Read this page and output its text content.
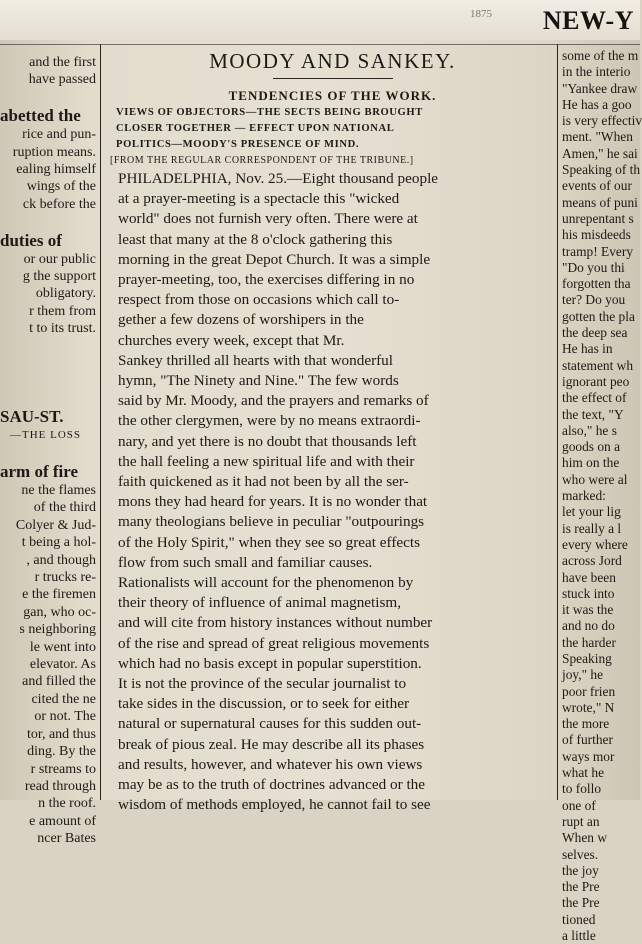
1875 NEW-Y

and the first

have passed

abetted the

rice and pun-

ruption means.

ealing himself

wings of the

ck before the

duties of

or our public

g the support

obligatory.

r them from

t to its trust.

SAU-ST.

—THE LOSS

arm of fire

ne the flames

of the third

Colyer & Jud-

t being a hol-

, and though

r trucks re-

e the firemen

gan, who oc-

s neighboring

le went into

elevator. As

and filled the

cited the ne

or not. The

tor, and thus

ding. By the

r streams to

read through

n the roof.

e amount of

ncer Bates

MOODY AND SANKEY.

TENDENCIES OF THE WORK.

VIEWS OF OBJECTORS—THE SECTS BEING BROUGHT

CLOSER TOGETHER — EFFECT UPON NATIONAL

POLITICS—MOODY'S PRESENCE OF MIND.

[FROM THE REGULAR CORRESPONDENT OF THE TRIBUNE.]

PHILADELPHIA, Nov. 25.—Eight thousand people

at a prayer-meeting is a spectacle this "wicked

world" does not furnish very often. There were at

least that many at the 8 o'clock gathering this

morning in the great Depot Church. It was a simple

prayer-meeting, too, the exercises differing in no

respect from those on occasions which call to-

gether a few dozens of worshipers in the

churches every week, except that Mr.

Sankey thrilled all hearts with that wonderful

hymn, "The Ninety and Nine." The few words

said by Mr. Moody, and the prayers and remarks of

the other clergymen, were by no means extraordi-

nary, and yet there is no doubt that thousands left

the hall feeling a new spiritual life and with their

faith quickened as it had not been by all the ser-

mons they had heard for years. It is no wonder that

many theologians believe in peculiar "outpourings

of the Holy Spirit," when they see so great effects

flow from such small and familiar causes.

Rationalists will account for the phenomenon by

their theory of influence of animal magnetism,

and will cite from history instances without number

of the rise and spread of great religious movements

which had no basis except in popular superstition.

It is not the province of the secular journalist to

take sides in the discussion, or to seek for either

natural or supernatural causes for this sudden out-

break of pious zeal. He may describe all its phases

and results, however, and whatever his own views

may be as to the truth of doctrines advanced or the

wisdom of methods employed, he cannot fail to see

some of the m

in the interio

"Yankee draw

He has a goo

is very effectiv

ment. "When

Amen," he sai

Speaking of th

events of our

means of puni

unrepentant s

his misdeeds

tramp! Every

"Do you thi

forgotten tha

ter? Do you

gotten the pla

the deep sea

He has in

statement wh

ignorant peo

the effect of

the text, "Y

also," he s

goods on a

him on the

who were al

marked:

let your lig

is really a l

every where

across Jord

have been

stuck into

it was the

and no do

the harder

Speaking

joy," he

poor frien

wrote," N

the more

of further

ways mor

what he

to follo

one of

rupt an

When w

selves.

the joy

the Pre

the Pre

tioned

a little
